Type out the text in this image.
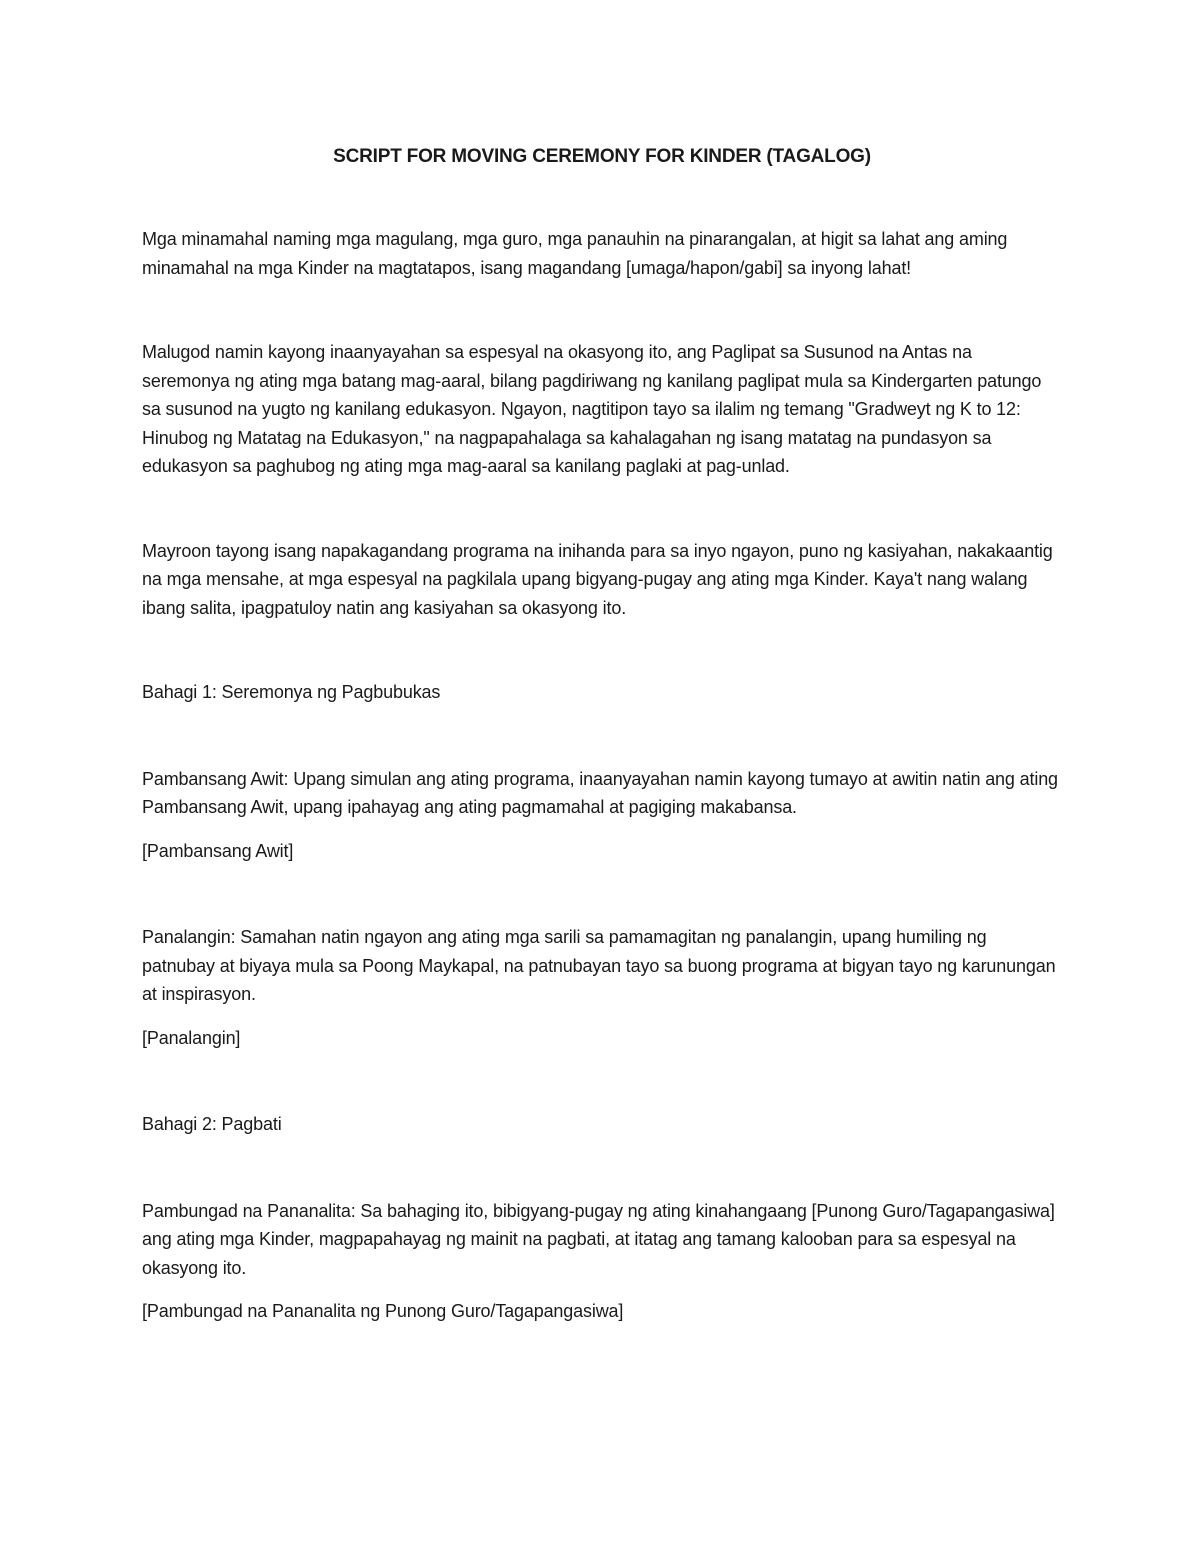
SCRIPT FOR MOVING CEREMONY FOR KINDER (TAGALOG)

Mga minamahal naming mga magulang, mga guro, mga panauhin na pinarangalan, at higit sa lahat ang aming minamahal na mga Kinder na magtatapos, isang magandang [umaga/hapon/gabi] sa inyong lahat!

Malugod namin kayong inaanyayahan sa espesyal na okasyong ito, ang Paglipat sa Susunod na Antas na seremonya ng ating mga batang mag-aaral, bilang pagdiriwang ng kanilang paglipat mula sa Kindergarten patungo sa susunod na yugto ng kanilang edukasyon. Ngayon, nagtitipon tayo sa ilalim ng temang "Gradweyt ng K to 12: Hinubog ng Matatag na Edukasyon," na nagpapahalaga sa kahalagahan ng isang matatag na pundasyon sa edukasyon sa paghubog ng ating mga mag-aaral sa kanilang paglaki at pag-unlad.

Mayroon tayong isang napakagandang programa na inihanda para sa inyo ngayon, puno ng kasiyahan, nakakaantig na mga mensahe, at mga espesyal na pagkilala upang bigyang-pugay ang ating mga Kinder. Kaya't nang walang ibang salita, ipagpatuloy natin ang kasiyahan sa okasyong ito.

Bahagi 1: Seremonya ng Pagbubukas

Pambansang Awit: Upang simulan ang ating programa, inaanyayahan namin kayong tumayo at awitin natin ang ating Pambansang Awit, upang ipahayag ang ating pagmamahal at pagiging makabansa.

[Pambansang Awit]

Panalangin: Samahan natin ngayon ang ating mga sarili sa pamamagitan ng panalangin, upang humiling ng patnubay at biyaya mula sa Poong Maykapal, na patnubayan tayo sa buong programa at bigyan tayo ng karunungan at inspirasyon.

[Panalangin]

Bahagi 2: Pagbati

Pambungad na Pananalita: Sa bahaging ito, bibigyang-pugay ng ating kinahangaang [Punong Guro/Tagapangasiwa] ang ating mga Kinder, magpapahayag ng mainit na pagbati, at itatag ang tamang kalooban para sa espesyal na okasyong ito.

[Pambungad na Pananalita ng Punong Guro/Tagapangasiwa]
